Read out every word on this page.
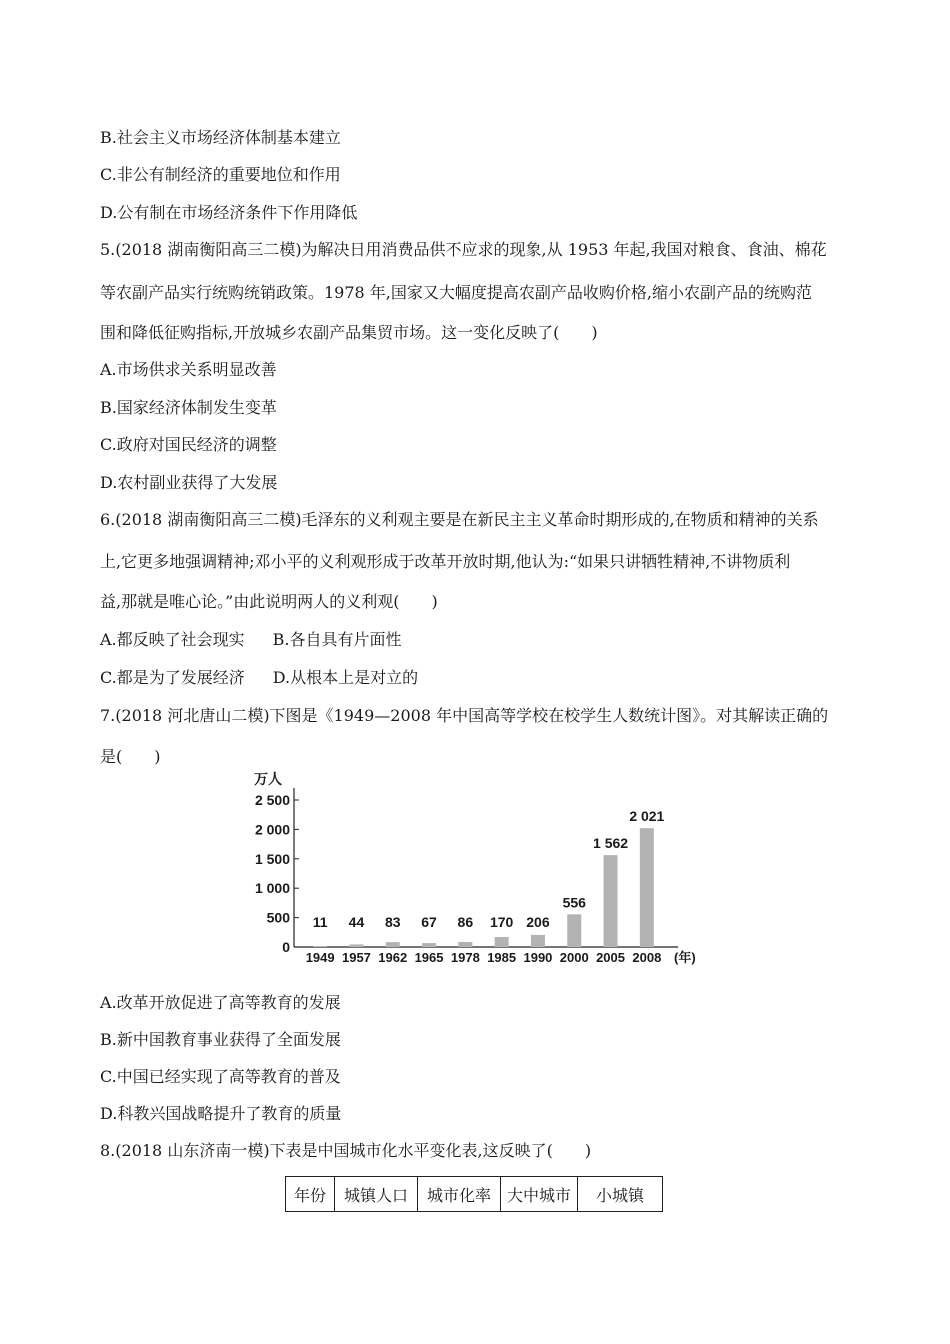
B.社会主义市场经济体制基本建立
C.非公有制经济的重要地位和作用
D.公有制在市场经济条件下作用降低
5.(2018 湖南衡阳高三二模)为解决日用消费品供不应求的现象,从 1953 年起,我国对粮食、食油、棉花
等农副产品实行统购统销政策。1978 年,国家又大幅度提高农副产品收购价格,缩小农副产品的统购范
围和降低征购指标,开放城乡农副产品集贸市场。这一变化反映了(　　)
A.市场供求关系明显改善
B.国家经济体制发生变革
C.政府对国民经济的调整
D.农村副业获得了大发展
6.(2018 湖南衡阳高三二模)毛泽东的义利观主要是在新民主主义革命时期形成的,在物质和精神的关系
上,它更多地强调精神;邓小平的义利观形成于改革开放时期,他认为:“如果只讲牺牲精神,不讲物质利
益,那就是唯心论。”由此说明两人的义利观(　　)
A.都反映了社会现实 B.各自具有片面性
C.都是为了发展经济 D.从根本上是对立的
7.(2018 河北唐山二模)下图是《1949—2008 年中国高等学校在校学生人数统计图》。对其解读正确的
是(　　)
万人
0
500
1 000
1 500
2 000
2 500
11 44 83 67 86 170 206
556
1 562
2 021
1949 1957 1962 1965 1978 1985 1990 2000 2005 2008 (年)
A.改革开放促进了高等教育的发展
B.新中国教育事业获得了全面发展
C.中国已经实现了高等教育的普及
D.科教兴国战略提升了教育的质量
8.(2018 山东济南一模)下表是中国城市化水平变化表,这反映了(　　)
年份	城镇人口	城市化率	大中城市	小城镇
